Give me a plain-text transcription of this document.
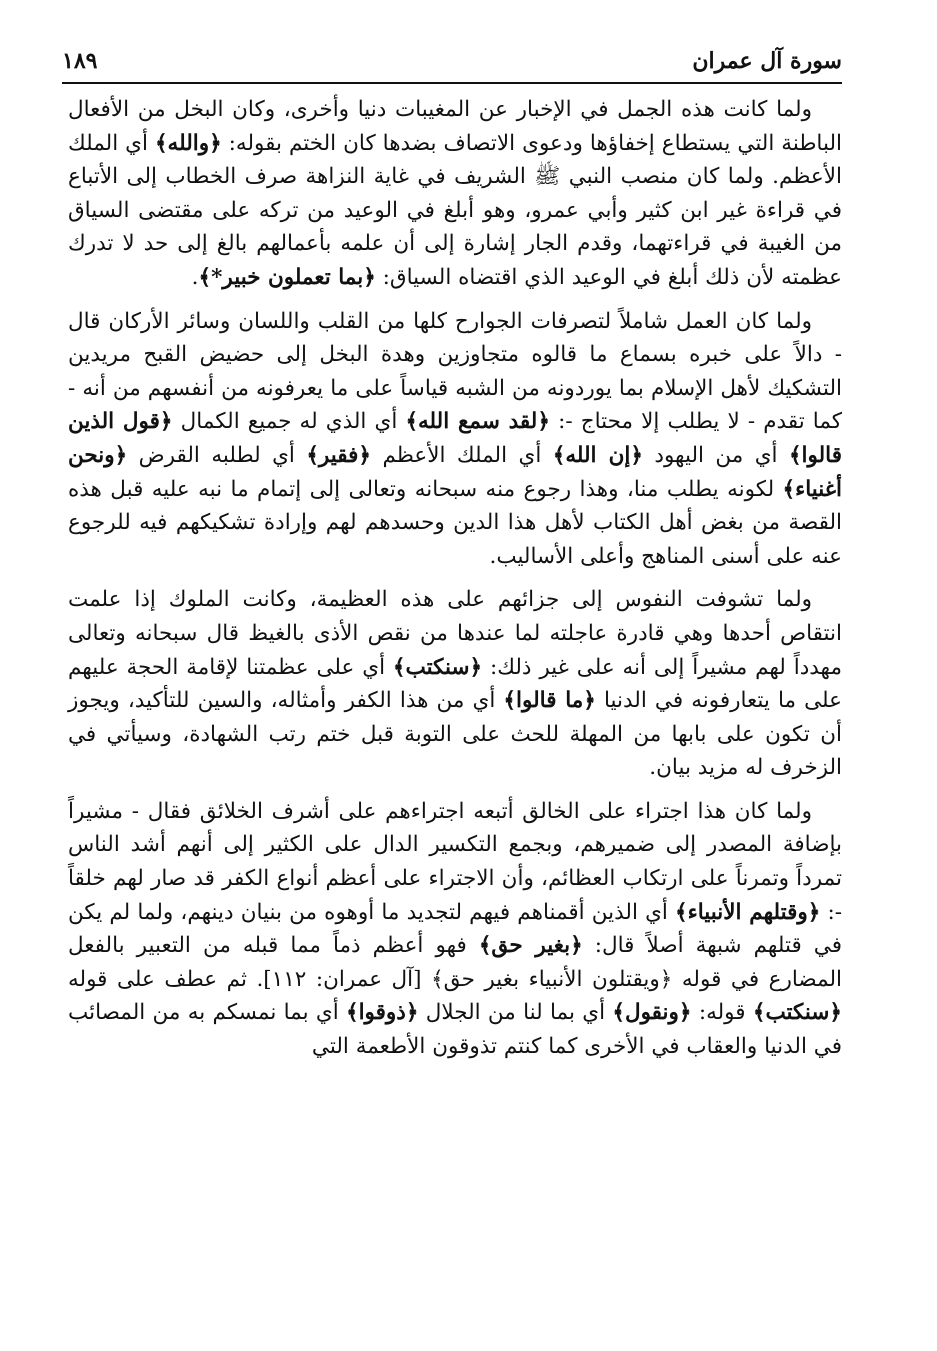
سورة آل عمران
١٨٩

ولما كانت هذه الجمل في الإخبار عن المغيبات دنيا وأخرى، وكان البخل من الأفعال الباطنة التي يستطاع إخفاؤها ودعوى الاتصاف بضدها كان الختم بقوله: ﴿والله﴾ أي الملك الأعظم. ولما كان منصب النبي ﷺ الشريف في غاية النزاهة صرف الخطاب إلى الأتباع في قراءة غير ابن كثير وأبي عمرو، وهو أبلغ في الوعيد من تركه على مقتضى السياق من الغيبة في قراءتهما، وقدم الجار إشارة إلى أن علمه بأعمالهم بالغ إلى حد لا تدرك عظمته لأن ذلك أبلغ في الوعيد الذي اقتضاه السياق: ﴿بما تعملون خبير*﴾.

ولما كان العمل شاملاً لتصرفات الجوارح كلها من القلب واللسان وسائر الأركان قال - دالاً على خبره بسماع ما قالوه متجاوزين وهدة البخل إلى حضيض القبح مريدين التشكيك لأهل الإسلام بما يوردونه من الشبه قياساً على ما يعرفونه من أنفسهم من أنه - كما تقدم - لا يطلب إلا محتاج -: ﴿لقد سمع الله﴾ أي الذي له جميع الكمال ﴿قول الذين قالوا﴾ أي من اليهود ﴿إن الله﴾ أي الملك الأعظم ﴿فقير﴾ أي لطلبه القرض ﴿ونحن أغنياء﴾ لكونه يطلب منا، وهذا رجوع منه سبحانه وتعالى إلى إتمام ما نبه عليه قبل هذه القصة من بغض أهل الكتاب لأهل هذا الدين وحسدهم لهم وإرادة تشكيكهم فيه للرجوع عنه على أسنى المناهج وأعلى الأساليب.

ولما تشوفت النفوس إلى جزائهم على هذه العظيمة، وكانت الملوك إذا علمت انتقاص أحدها وهي قادرة عاجلته لما عندها من نقص الأذى بالغيظ قال سبحانه وتعالى مهدداً لهم مشيراً إلى أنه على غير ذلك: ﴿سنكتب﴾ أي على عظمتنا لإقامة الحجة عليهم على ما يتعارفونه في الدنيا ﴿ما قالوا﴾ أي من هذا الكفر وأمثاله، والسين للتأكيد، ويجوز أن تكون على بابها من المهلة للحث على التوبة قبل ختم رتب الشهادة، وسيأتي في الزخرف له مزيد بيان.

ولما كان هذا اجتراء على الخالق أتبعه اجتراءهم على أشرف الخلائق فقال - مشيراً بإضافة المصدر إلى ضميرهم، وبجمع التكسير الدال على الكثير إلى أنهم أشد الناس تمرداً وتمرناً على ارتكاب العظائم، وأن الاجتراء على أعظم أنواع الكفر قد صار لهم خلقاً -: ﴿وقتلهم الأنبياء﴾ أي الذين أقمناهم فيهم لتجديد ما أوهوه من بنيان دينهم، ولما لم يكن في قتلهم شبهة أصلاً قال: ﴿بغير حق﴾ فهو أعظم ذماً مما قبله من التعبير بالفعل المضارع في قوله ﴿ويقتلون الأنبياء بغير حق﴾ [آل عمران: ١١٢]. ثم عطف على قوله ﴿سنكتب﴾ قوله: ﴿ونقول﴾ أي بما لنا من الجلال ﴿ذوقوا﴾ أي بما نمسكم به من المصائب في الدنيا والعقاب في الأخرى كما كنتم تذوقون الأطعمة التي
